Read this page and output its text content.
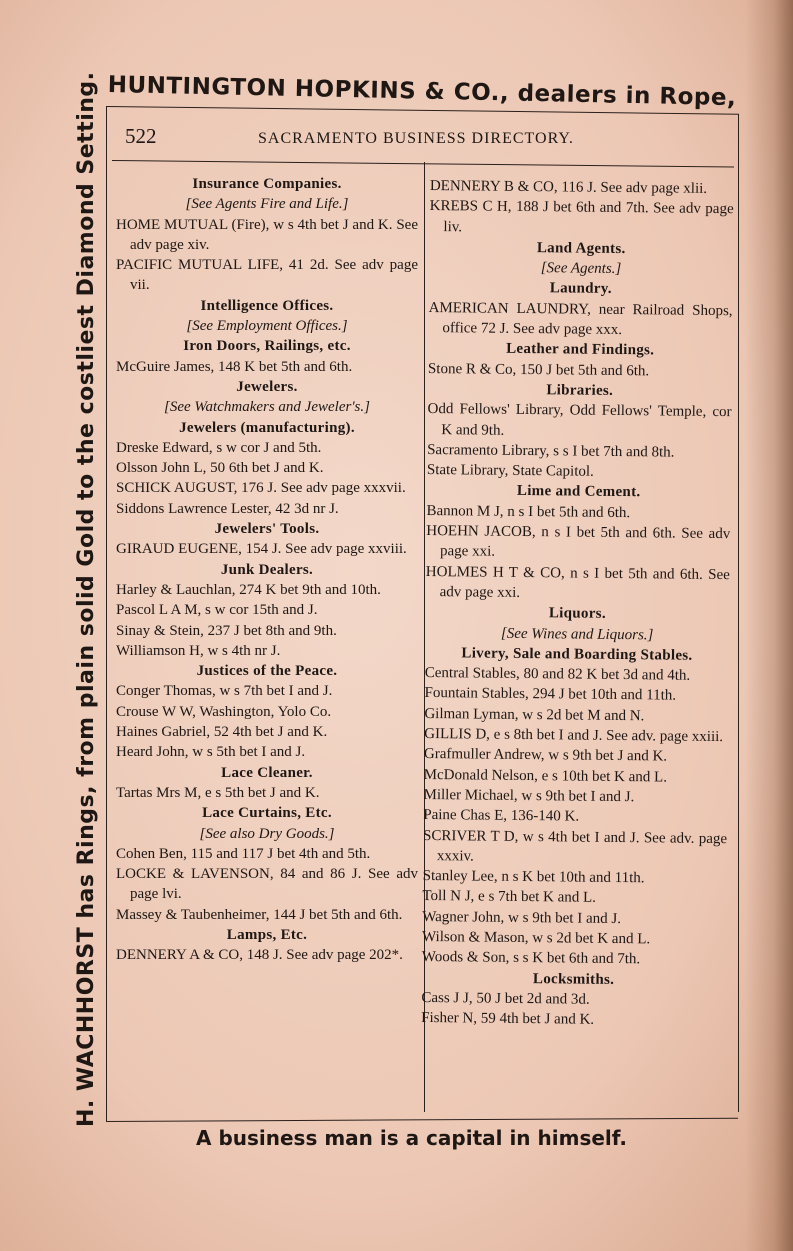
HUNTINGTON HOPKINS & CO., dealers in Rope,
H. WACHHORST has Rings, from plain solid Gold to the costliest Diamond Setting. 522	SACRAMENTO BUSINESS DIRECTORY.
Insurance Companies.
[See Agents Fire and Life.]
HOME MUTUAL (Fire), w s 4th bet J and K. See adv page xiv.
PACIFIC MUTUAL LIFE, 41 2d. See adv page vii.
Intelligence Offices.
[See Employment Offices.]
Iron Doors, Railings, etc.
McGuire James, 148 K bet 5th and 6th.
Jewelers.
[See Watchmakers and Jeweler's.]
Jewelers (manufacturing).
Dreske Edward, s w cor J and 5th.
Olsson John L, 50 6th bet J and K.
SCHICK AUGUST, 176 J. See adv page xxxvii.
Siddons Lawrence Lester, 42 3d nr J.
Jewelers' Tools.
GIRAUD EUGENE, 154 J. See adv page xxviii.
Junk Dealers.
Harley & Lauchlan, 274 K bet 9th and 10th.
Pascol L A M, s w cor 15th and J.
Sinay & Stein, 237 J bet 8th and 9th.
Williamson H, w s 4th nr J.
Justices of the Peace.
Conger Thomas, w s 7th bet I and J.
Crouse W W, Washington, Yolo Co.
Haines Gabriel, 52 4th bet J and K.
Heard John, w s 5th bet I and J.
Lace Cleaner.
Tartas Mrs M, e s 5th bet J and K.
Lace Curtains, Etc.
[See also Dry Goods.]
Cohen Ben, 115 and 117 J bet 4th and 5th.
LOCKE & LAVENSON, 84 and 86 J. See adv page lvi.
Massey & Taubenheimer, 144 J bet 5th and 6th.
Lamps, Etc.
DENNERY A & CO, 148 J. See adv page 202*.
DENNERY B & CO, 116 J. See adv page xlii.
KREBS C H, 188 J bet 6th and 7th. See adv page liv.
Land Agents.
[See Agents.]
Laundry.
AMERICAN LAUNDRY, near Railroad Shops, office 72 J. See adv page xxx.
Leather and Findings.
Stone R & Co, 150 J bet 5th and 6th.
Libraries.
Odd Fellows' Library, Odd Fellows' Temple, cor K and 9th.
Sacramento Library, s s I bet 7th and 8th.
State Library, State Capitol.
Lime and Cement.
Bannon M J, n s I bet 5th and 6th.
HOEHN JACOB, n s I bet 5th and 6th. See adv page xxi.
HOLMES H T & CO, n s I bet 5th and 6th. See adv page xxi.
Liquors.
[See Wines and Liquors.]
Livery, Sale and Boarding Stables.
Central Stables, 80 and 82 K bet 3d and 4th.
Fountain Stables, 294 J bet 10th and 11th.
Gilman Lyman, w s 2d bet M and N.
GILLIS D, e s 8th bet I and J. See adv. page xxiii.
Grafmuller Andrew, w s 9th bet J and K.
McDonald Nelson, e s 10th bet K and L.
Miller Michael, w s 9th bet I and J.
Paine Chas E, 136-140 K.
SCRIVER T D, w s 4th bet I and J. See adv. page xxxiv.
Stanley Lee, n s K bet 10th and 11th.
Toll N J, e s 7th bet K and L.
Wagner John, w s 9th bet I and J.
Wilson & Mason, w s 2d bet K and L.
Woods & Son, s s K bet 6th and 7th.
Locksmiths.
Cass J J, 50 J bet 2d and 3d.
Fisher N, 59 4th bet J and K.
A business man is a capital in himself.
